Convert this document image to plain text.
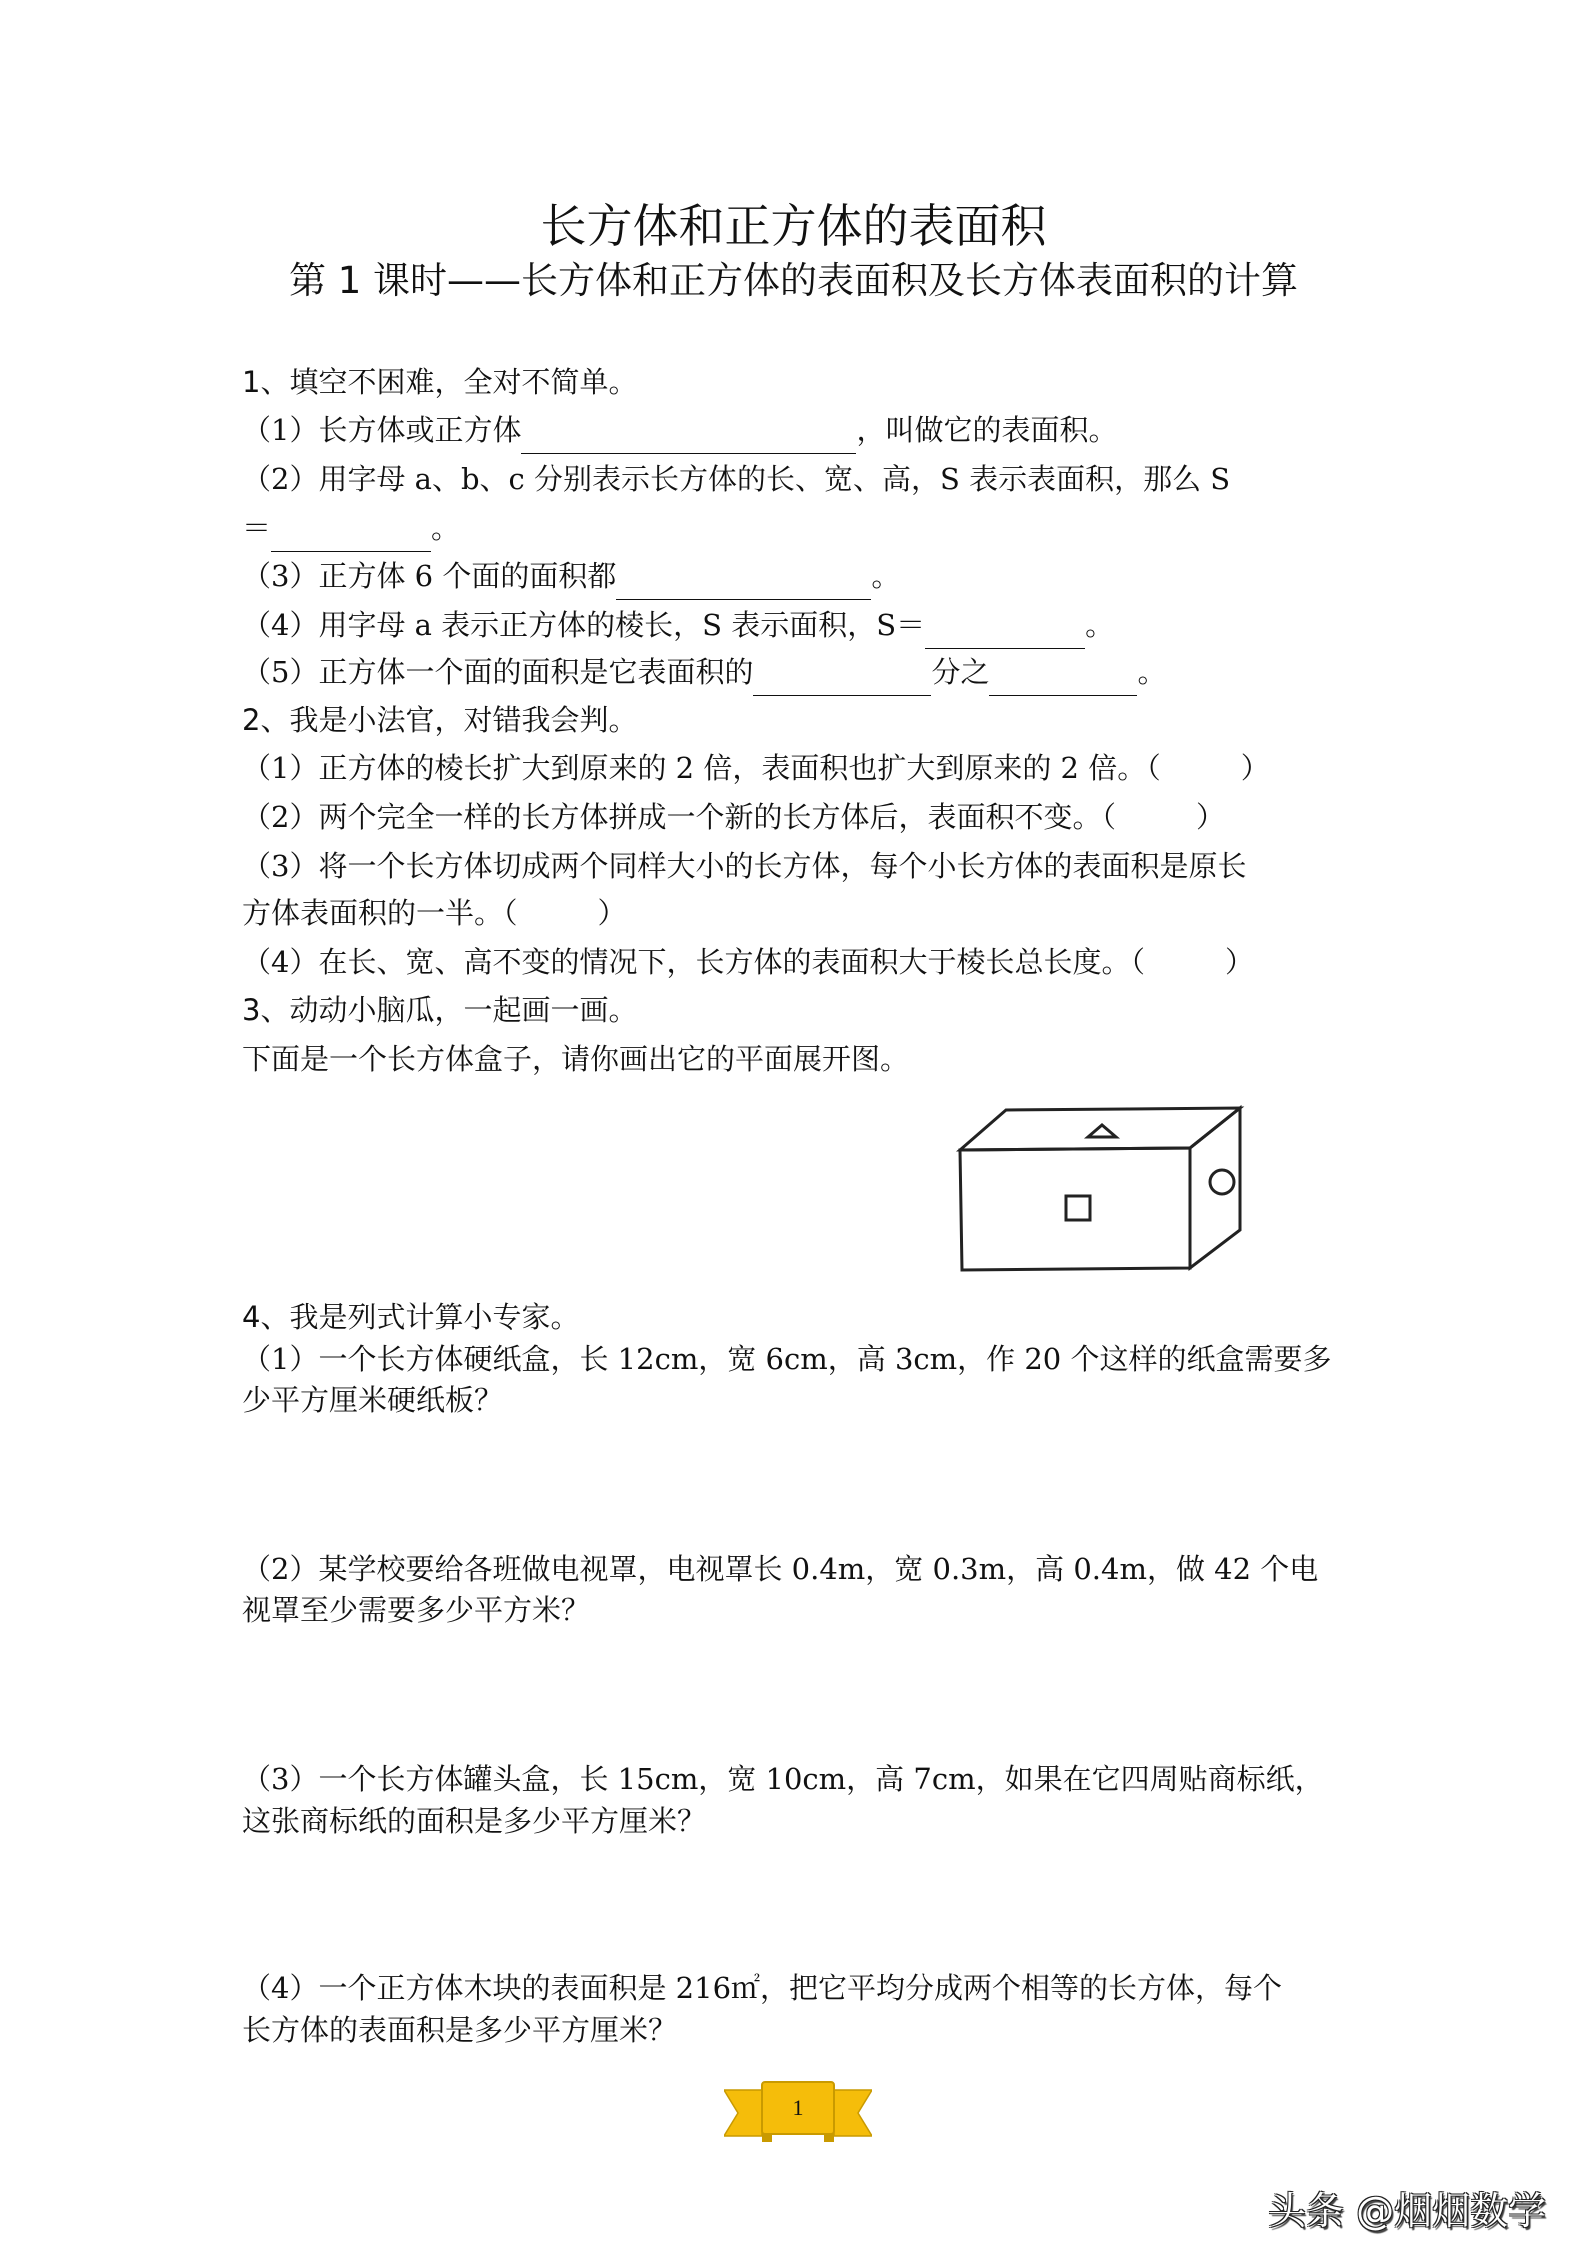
长方体和正方体的表面积
第 1 课时——长方体和正方体的表面积及长方体表面积的计算
1、填空不困难，全对不简单。
（1）长方体或正方体	，叫做它的表面积。
（2）用字母 a、b、c 分别表示长方体的长、宽、高，S 表示表面积，那么 S
＝	。
（3）正方体 6 个面的面积都	。
（4）用字母 a 表示正方体的棱长，S 表示面积，S＝	。
（5）正方体一个面的面积是它表面积的	分之	。
2、我是小法官，对错我会判。
（1）正方体的棱长扩大到原来的 2 倍，表面积也扩大到原来的 2 倍。（	）
（2）两个完全一样的长方体拼成一个新的长方体后，表面积不变。（	）
（3）将一个长方体切成两个同样大小的长方体，每个小长方体的表面积是原长
方体表面积的一半。（	）
（4）在长、宽、高不变的情况下，长方体的表面积大于棱长总长度。（	）
3、动动小脑瓜，一起画一画。
下面是一个长方体盒子，请你画出它的平面展开图。
4、我是列式计算小专家。
（1）一个长方体硬纸盒，长 12cm，宽 6cm，高 3cm，作 20 个这样的纸盒需要多
少平方厘米硬纸板？
（2）某学校要给各班做电视罩，电视罩长 0.4m，宽 0.3m，高 0.4m，做 42 个电
视罩至少需要多少平方米？
（3）一个长方体罐头盒，长 15cm，宽 10cm，高 7cm，如果在它四周贴商标纸，
这张商标纸的面积是多少平方厘米？
（4）一个正方体木块的表面积是 216㎡，把它平均分成两个相等的长方体，每个
长方体的表面积是多少平方厘米？
1
头条 @烟烟数学
